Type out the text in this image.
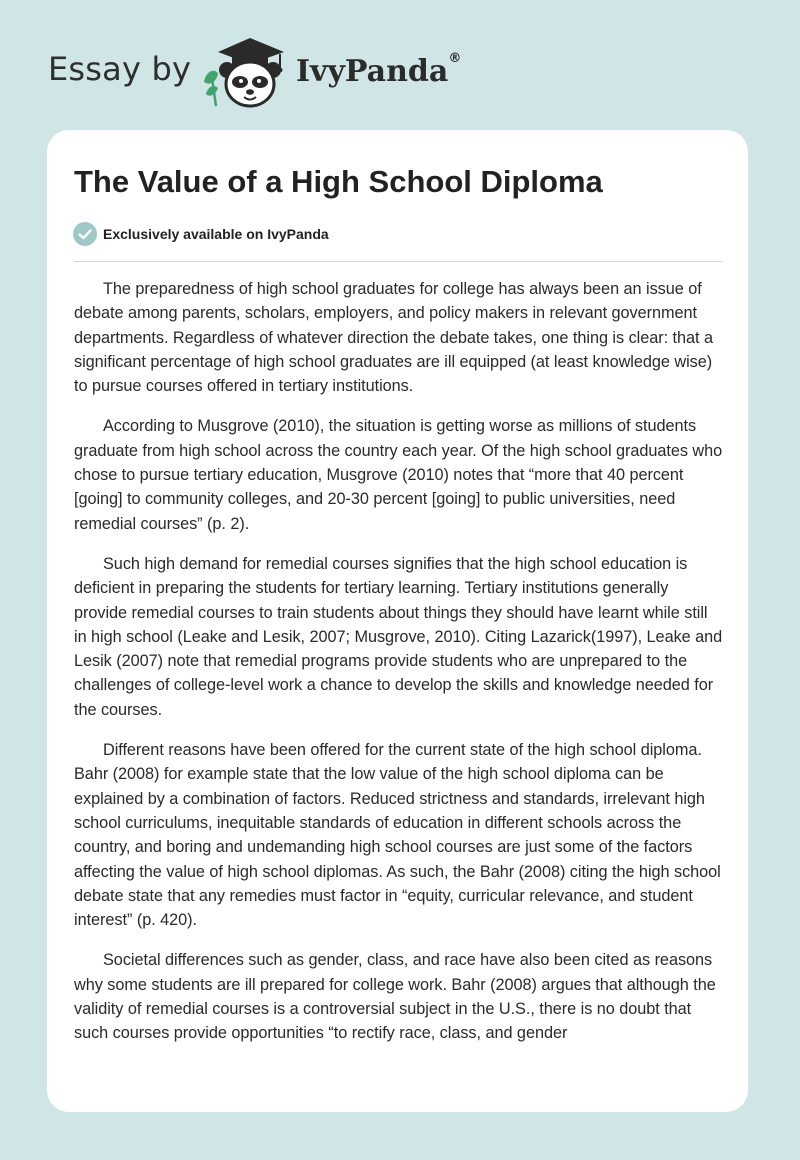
Essay by	IvyPanda®
The Value of a High School Diploma
Exclusively available on IvyPanda

The preparedness of high school graduates for college has always been an issue of debate among parents, scholars, employers, and policy makers in relevant government departments. Regardless of whatever direction the debate takes, one thing is clear: that a significant percentage of high school graduates are ill equipped (at least knowledge wise) to pursue courses offered in tertiary institutions.

According to Musgrove (2010), the situation is getting worse as millions of students graduate from high school across the country each year. Of the high school graduates who chose to pursue tertiary education, Musgrove (2010) notes that “more that 40 percent [going] to community colleges, and 20-30 percent [going] to public universities, need remedial courses” (p. 2).

Such high demand for remedial courses signifies that the high school education is deficient in preparing the students for tertiary learning. Tertiary institutions generally provide remedial courses to train students about things they should have learnt while still in high school (Leake and Lesik, 2007; Musgrove, 2010). Citing Lazarick(1997), Leake and Lesik (2007) note that remedial programs provide students who are unprepared to the challenges of college-level work a chance to develop the skills and knowledge needed for the courses.

Different reasons have been offered for the current state of the high school diploma. Bahr (2008) for example state that the low value of the high school diploma can be explained by a combination of factors. Reduced strictness and standards, irrelevant high school curriculums, inequitable standards of education in different schools across the country, and boring and undemanding high school courses are just some of the factors affecting the value of high school diplomas. As such, the Bahr (2008) citing the high school debate state that any remedies must factor in “equity, curricular relevance, and student interest” (p. 420).

Societal differences such as gender, class, and race have also been cited as reasons why some students are ill prepared for college work. Bahr (2008) argues that although the validity of remedial courses is a controversial subject in the U.S., there is no doubt that such courses provide opportunities “to rectify race, class, and gender
